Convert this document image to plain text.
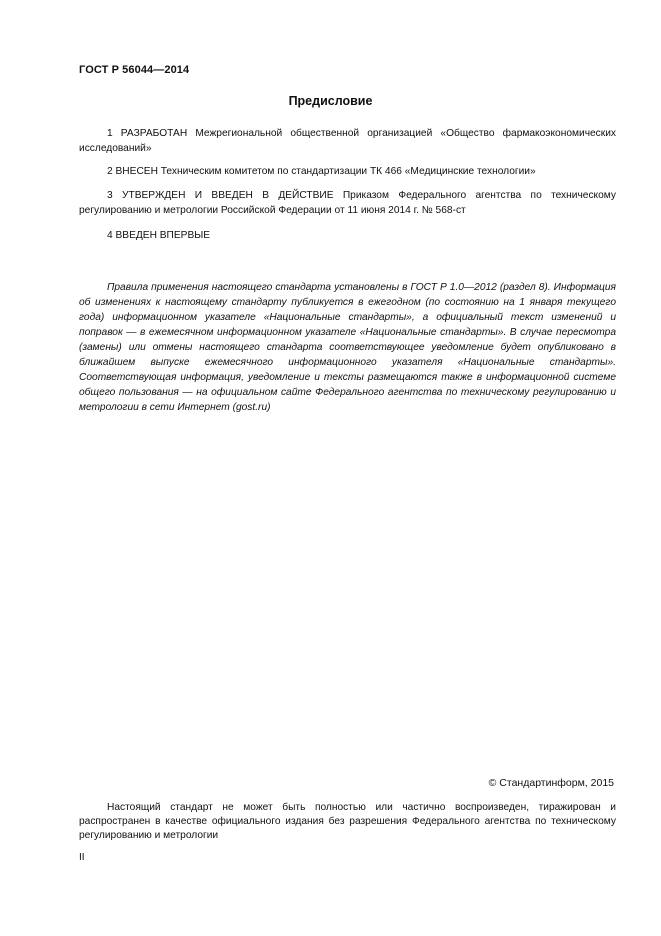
ГОСТ Р 56044—2014
Предисловие
1 РАЗРАБОТАН Межрегиональной общественной организацией «Общество фармакоэкономических исследований»
2 ВНЕСЕН Техническим комитетом по стандартизации ТК 466 «Медицинские технологии»
3 УТВЕРЖДЕН И ВВЕДЕН В ДЕЙСТВИЕ Приказом Федерального агентства по техническому регулированию и метрологии Российской Федерации от 11 июня 2014 г. № 568-ст
4 ВВЕДЕН ВПЕРВЫЕ
Правила применения настоящего стандарта установлены в ГОСТ Р 1.0—2012 (раздел 8). Информация об изменениях к настоящему стандарту публикуется в ежегодном (по состоянию на 1 января текущего года) информационном указателе «Национальные стандарты», а официальный текст изменений и поправок — в ежемесячном информационном указателе «Национальные стандарты». В случае пересмотра (замены) или отмены настоящего стандарта соответствующее уведомление будет опубликовано в ближайшем выпуске ежемесячного информационного указателя «Национальные стандарты». Соответствующая информация, уведомление и тексты размещаются также в информационной системе общего пользования — на официальном сайте Федерального агентства по техническому регулированию и метрологии в сети Интернет (gost.ru)
© Стандартинформ, 2015
Настоящий стандарт не может быть полностью или частично воспроизведен, тиражирован и распространен в качестве официального издания без разрешения Федерального агентства по техническому регулированию и метрологии
II
